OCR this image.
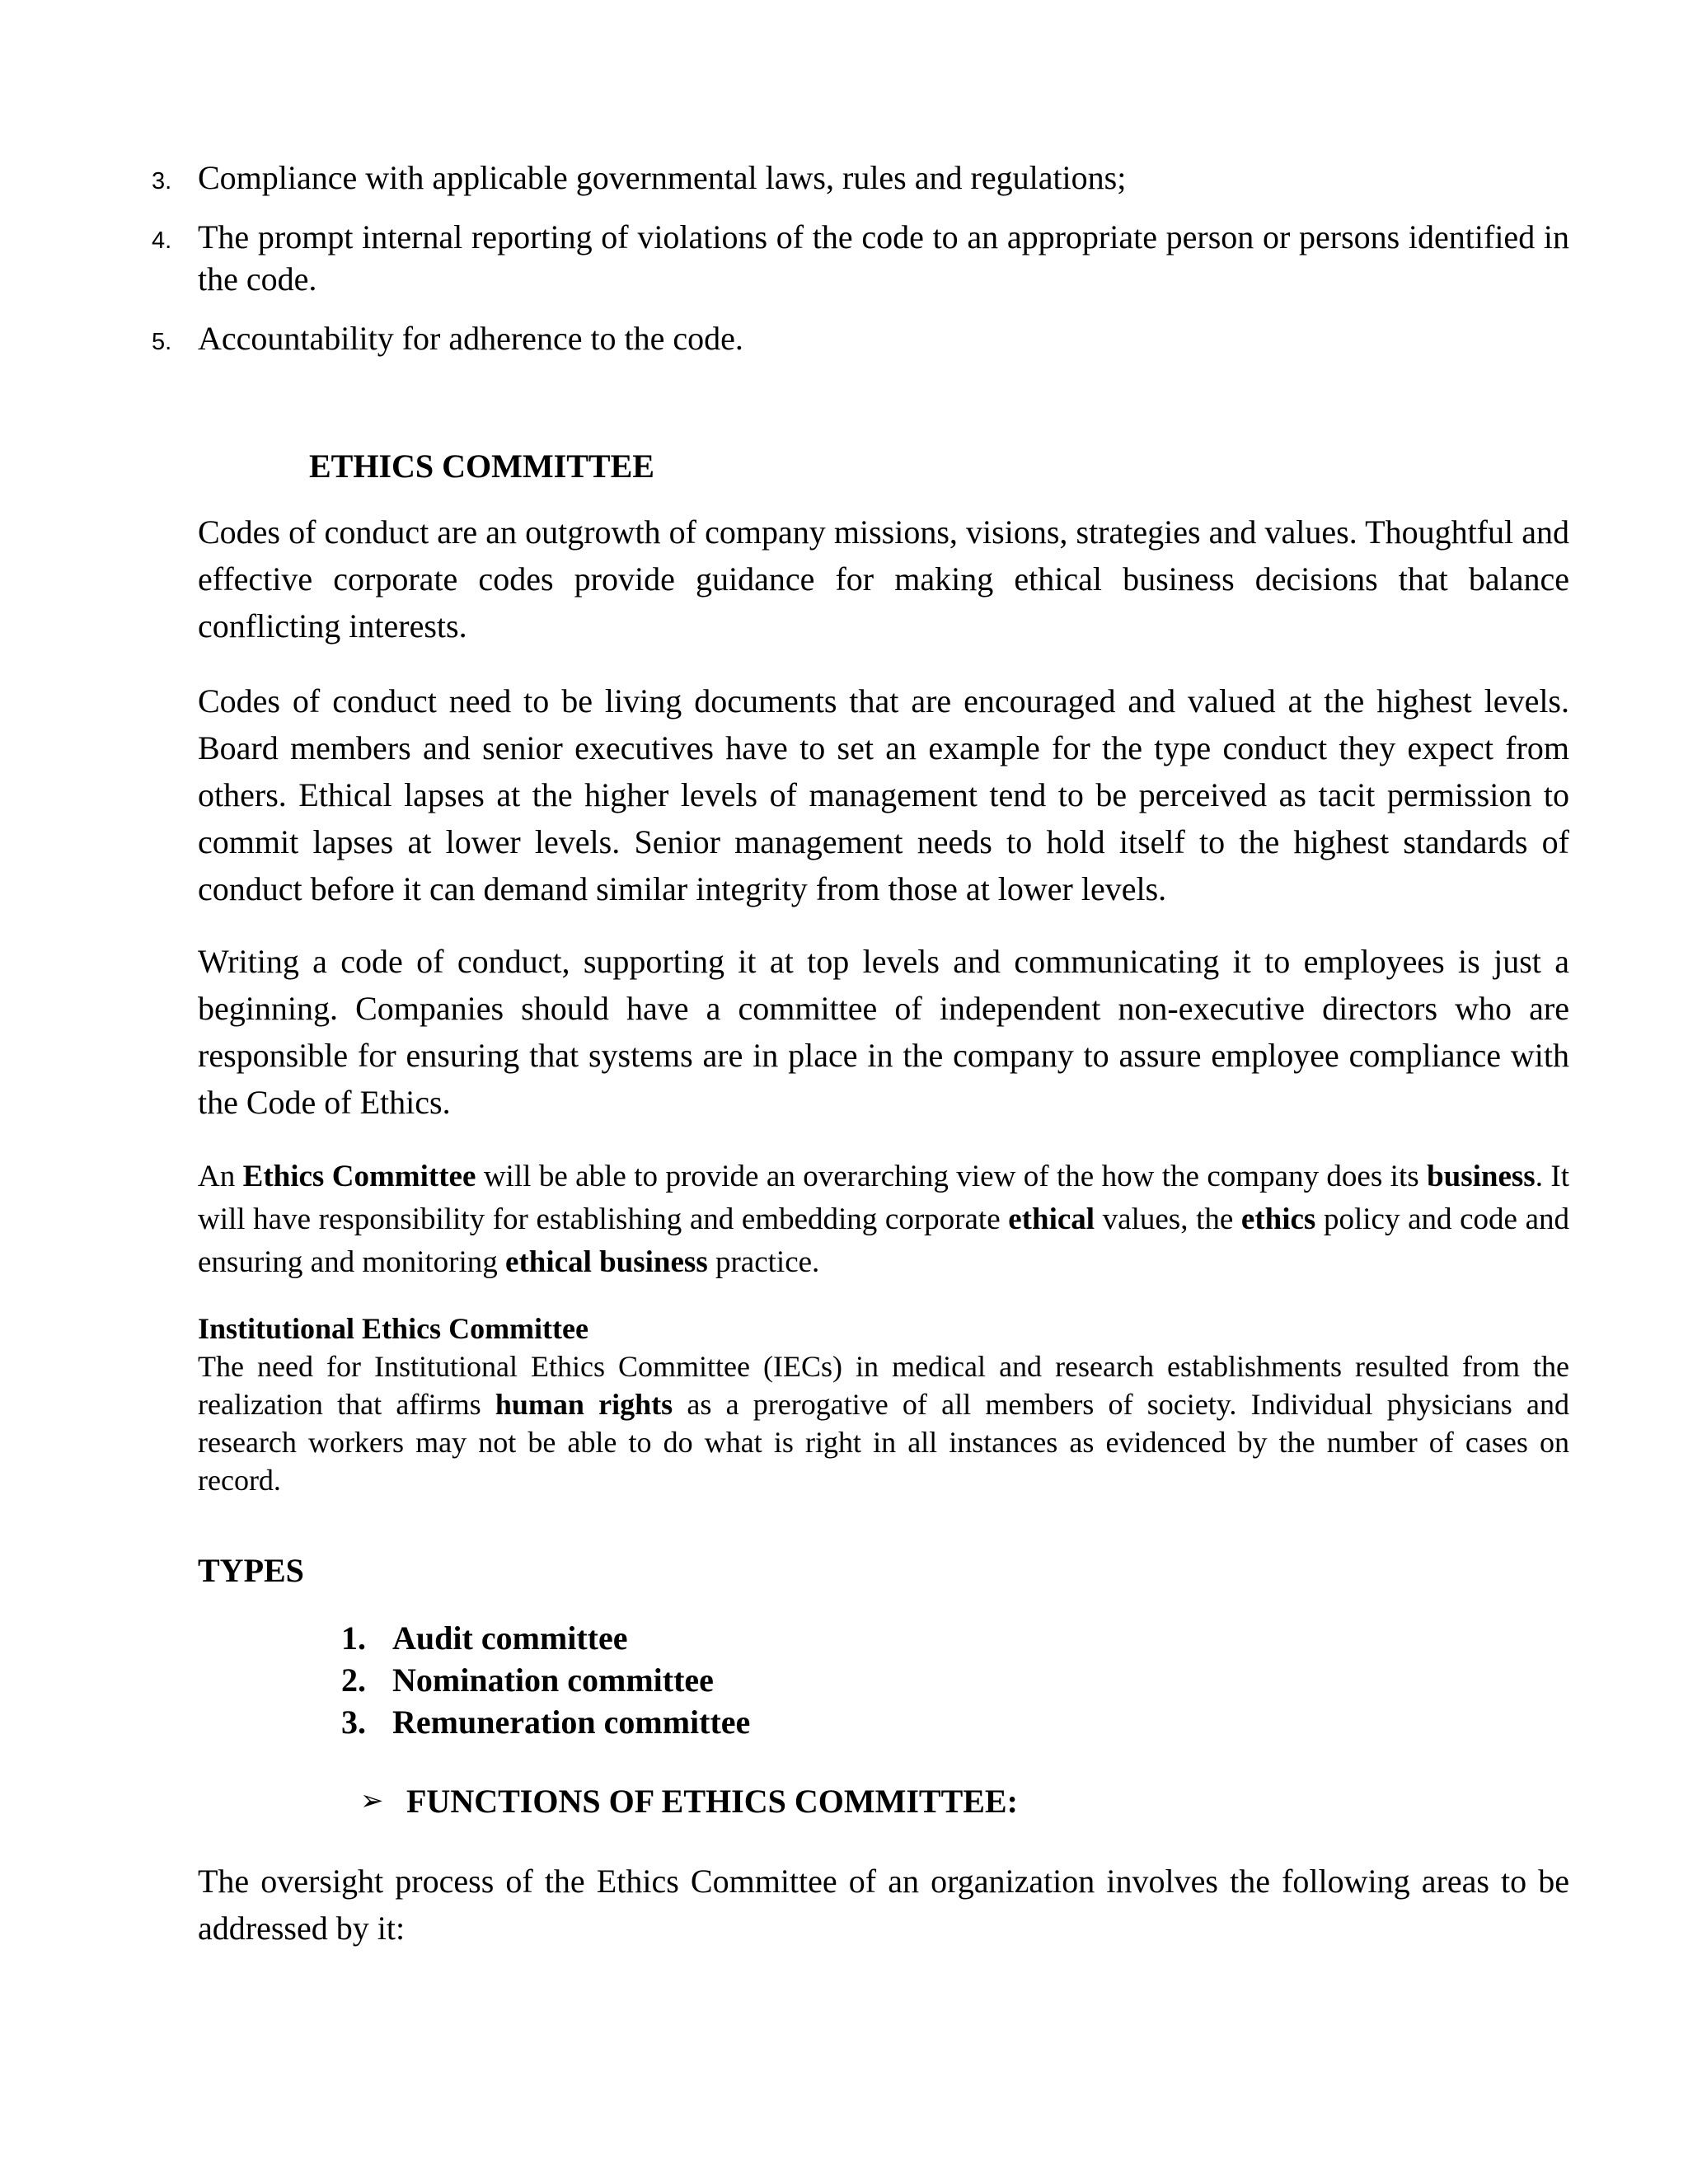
3. Compliance with applicable governmental laws, rules and regulations;
4. The prompt internal reporting of violations of the code to an appropriate person or persons identified in the code.
5. Accountability for adherence to the code.
ETHICS COMMITTEE

Codes of conduct are an outgrowth of company missions, visions, strategies and values. Thoughtful and effective corporate codes provide guidance for making ethical business decisions that balance conflicting interests.

Codes of conduct need to be living documents that are encouraged and valued at the highest levels. Board members and senior executives have to set an example for the type conduct they expect from others. Ethical lapses at the higher levels of management tend to be perceived as tacit permission to commit lapses at lower levels. Senior management needs to hold itself to the highest standards of conduct before it can demand similar integrity from those at lower levels.

Writing a code of conduct, supporting it at top levels and communicating it to employees is just a beginning. Companies should have a committee of independent non-executive directors who are responsible for ensuring that systems are in place in the company to assure employee compliance with the Code of Ethics.

An Ethics Committee will be able to provide an overarching view of the how the company does its business. It will have responsibility for establishing and embedding corporate ethical values, the ethics policy and code and ensuring and monitoring ethical business practice.

Institutional Ethics Committee

The need for Institutional Ethics Committee (IECs) in medical and research establishments resulted from the realization that affirms human rights as a prerogative of all members of society. Individual physicians and research workers may not be able to do what is right in all instances as evidenced by the number of cases on record.

TYPES
1. Audit committee
2. Nomination committee
3. Remuneration committee
➢ FUNCTIONS OF ETHICS COMMITTEE:

The oversight process of the Ethics Committee of an organization involves the following areas to be addressed by it:
